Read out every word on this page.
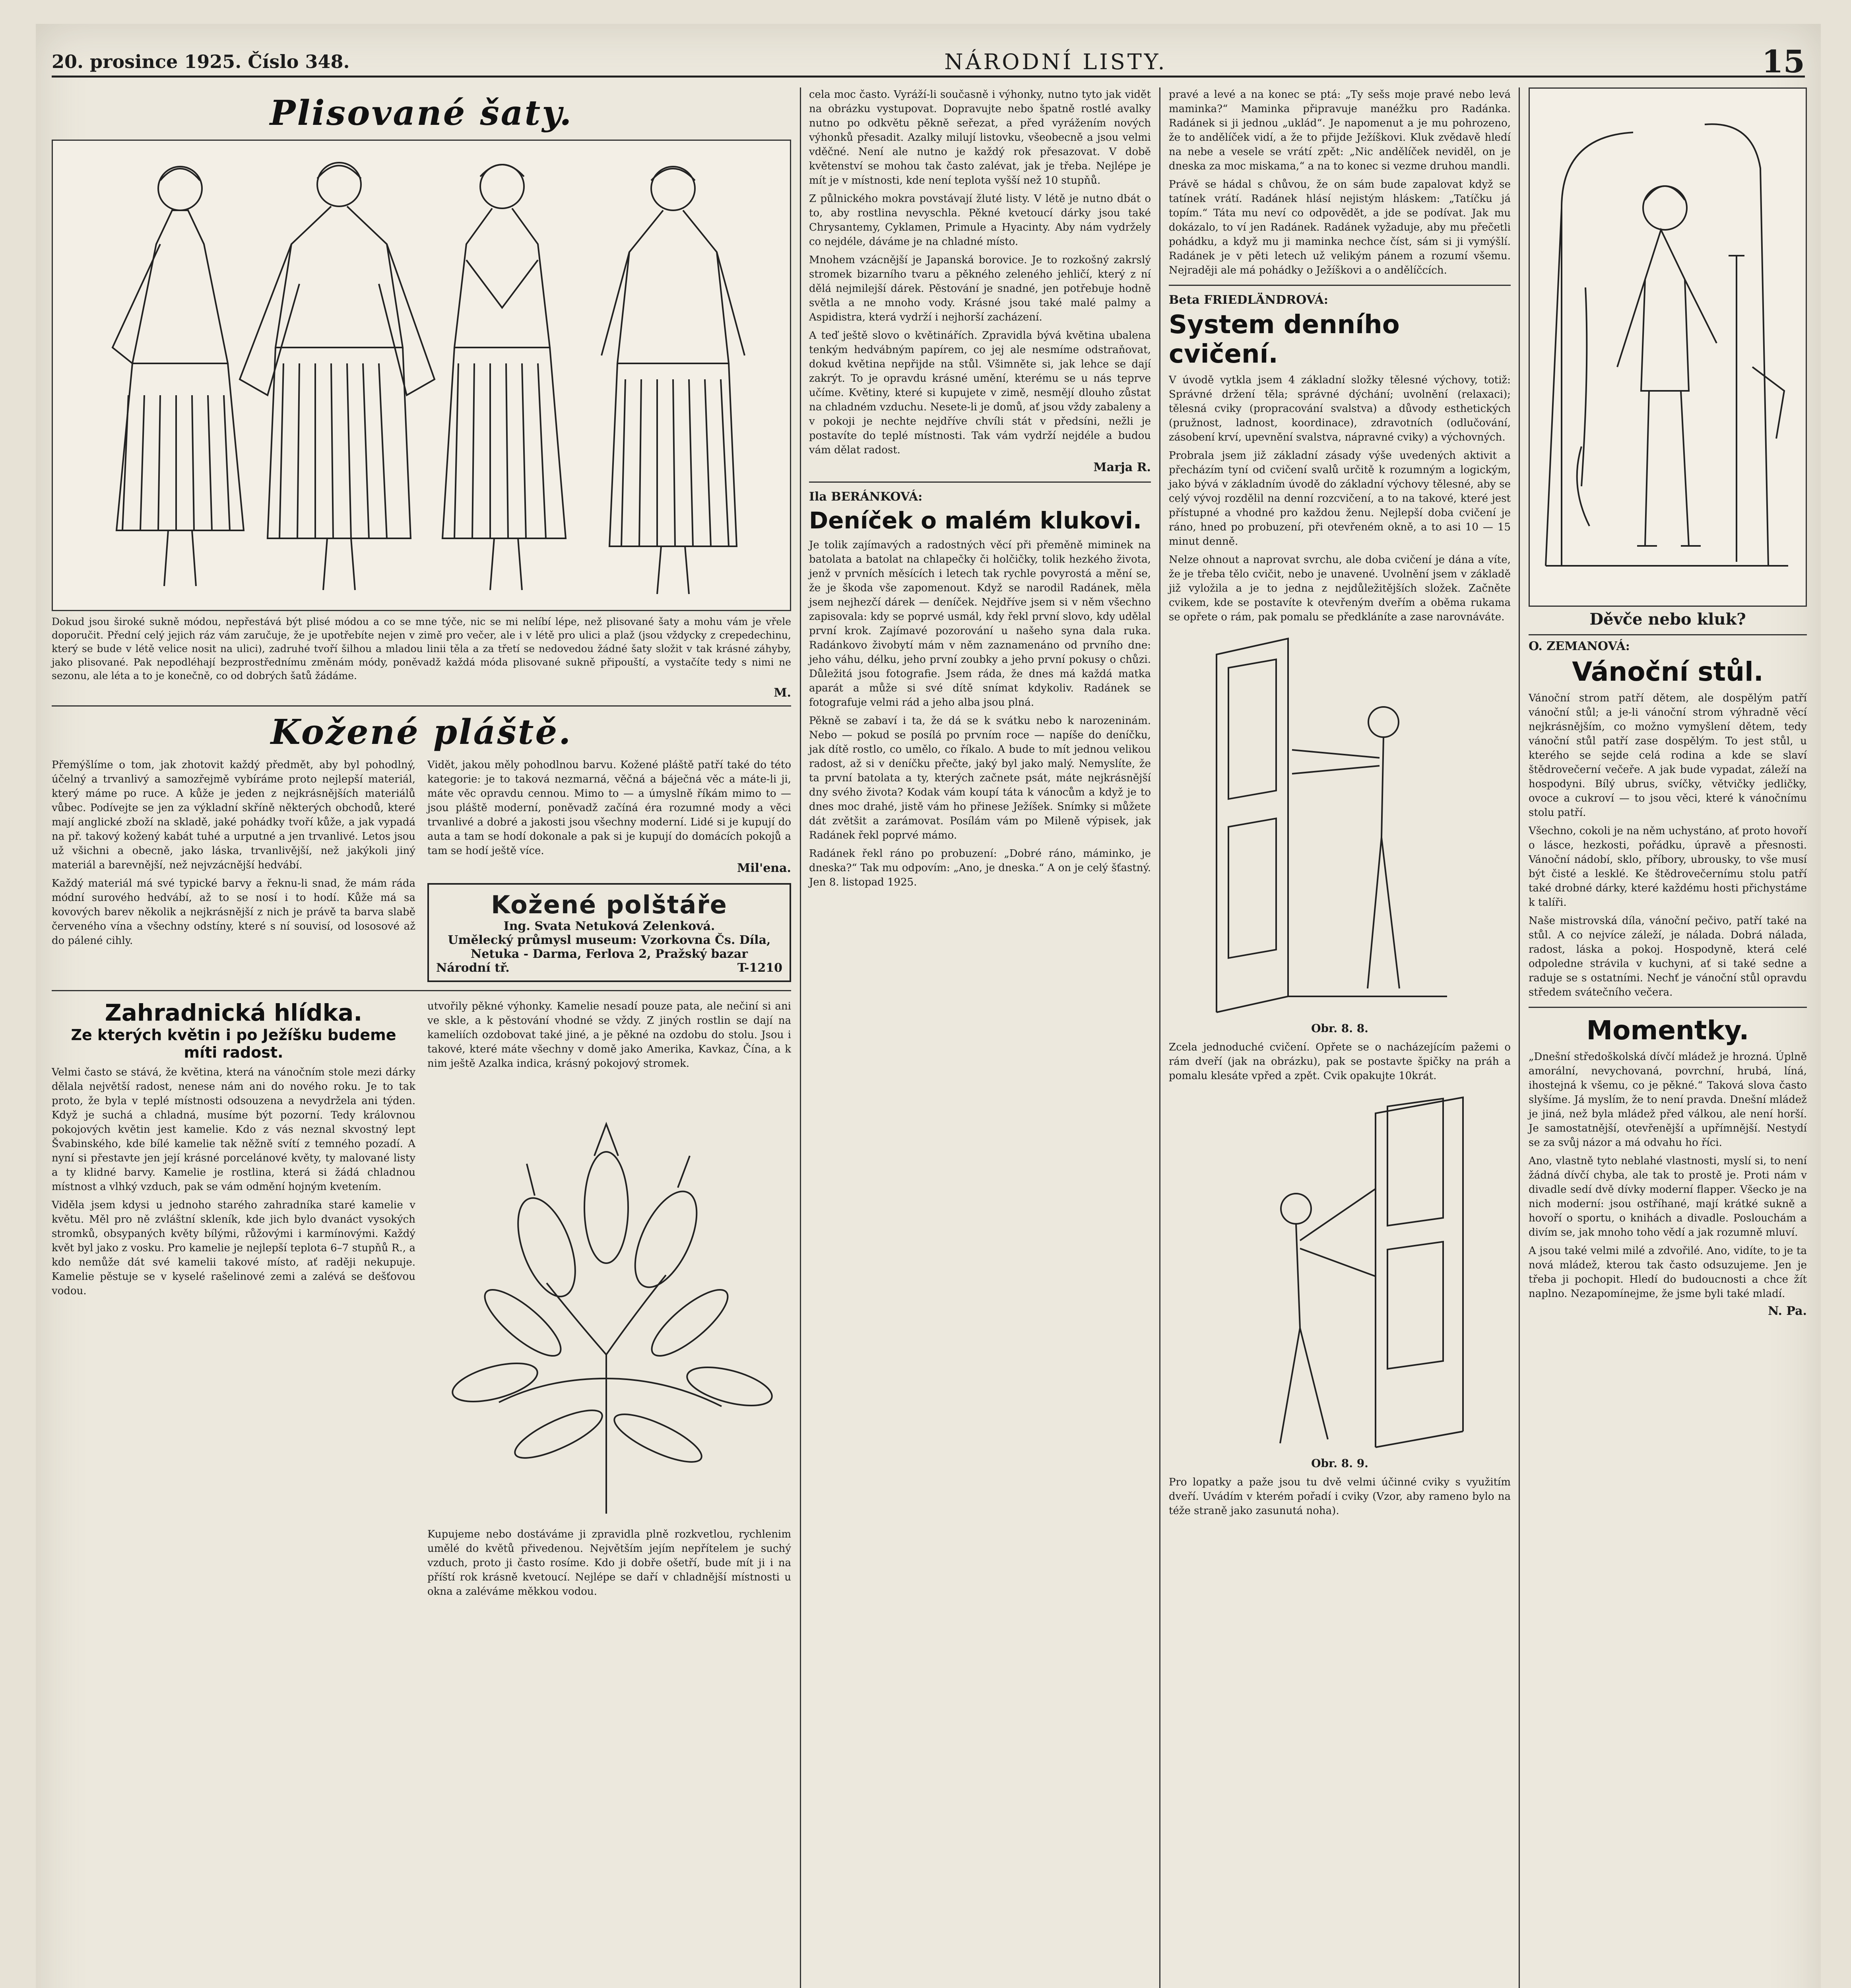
20. prosince 1925. Číslo 348.	NÁRODNÍ LISTY.	15
Plisované šaty.
Dokud jsou široké sukně módou, nepřestává být plisé módou a co se mne týče, nic se mi nelíbí lépe, než plisované šaty a mohu vám je vřele doporučit. Přední celý jejich ráz vám zaručuje, že je upotřebíte nejen v zimě pro večer, ale i v létě pro ulici a plaž (jsou vždycky z crepedechinu, který se bude v létě velice nosit na ulici), zadruhé tvoří šilhou a mladou linii těla a za třetí se nedovedou žádné šaty složit v tak krásné záhyby, jako plisované. Pak nepodléhají bezprostřednímu změnám módy, poněvadž každá móda plisované sukně připouští, a vystačíte tedy s nimi ne sezonu, ale léta a to je konečně, co od dobrých šatů žádáme.
M.
Kožené pláště.
Přemýšlíme o tom, jak zhotovit každý předmět, aby byl pohodlný, účelný a trvanlivý a samozřejmě vybíráme proto nejlepší materiál, který máme po ruce. A kůže je jeden z nejkrásnějších materiálů vůbec. Podívejte se jen za výkladní skříně některých obchodů, které mají anglické zboží na skladě, jaké pohádky tvoří kůže, a jak vypadá na př. takový kožený kabát tuhé a urputné a jen trvanlivé. Letos jsou už všichni a obecně, jako láska, trvanlivější, než jakýkoli jiný materiál a barevnější, než nejvzácnější hedvábí.
Každý materiál má své typické barvy a řeknu-li snad, že mám ráda módní surového hedvábí, až to se nosí i to hodí. Kůže má sa kovových barev několik a nejkrásnější z nich je právě ta barva slabě červeného vína a všechny odstíny, které s ní souvisí, od lososové až do pálené cihly.
Vidět, jakou měly pohodlnou barvu. Kožené pláště patří také do této kategorie: je to taková nezmarná, věčná a báječná věc a máte-li ji, máte věc opravdu cennou. Mimo to — a úmyslně říkám mimo to — jsou pláště moderní, poněvadž začíná éra rozumné mody a věci trvanlivé a dobré a jakosti jsou všechny moderní. Lidé si je kupují do auta a tam se hodí dokonale a pak si je kupují do domácích pokojů a tam se hodí ještě více.
Mil'ena.
Kožené polštáře
Ing. Svata Netuková Zelenková.
Umělecký průmysl museum: Vzorkovna Čs. Díla,
Netuka - Darma, Ferlova 2, Pražský bazar
Národní tř.	T-1210
Zahradnická hlídka.
Ze kterých květin i po Ježíšku budeme míti radost.
Velmi často se stává, že květina, která na vánočním stole mezi dárky dělala největší radost, nenese nám ani do nového roku. Je to tak proto, že byla v teplé místnosti odsouzena a nevydržela ani týden. Když je suchá a chladná, musíme být pozorní. Tedy královnou pokojových květin jest kamelie. Kdo z vás neznal skvostný lept Švabinského, kde bílé kamelie tak něžně svítí z temného pozadí. A nyní si přestavte jen její krásné porcelánové květy, ty malované listy a ty klidné barvy. Kamelie je rostlina, která si žádá chladnou místnost a vlhký vzduch, pak se vám odmění hojným kvetením.
Viděla jsem kdysi u jednoho starého zahradníka staré kamelie v květu. Měl pro ně zvláštní skleník, kde jich bylo dvanáct vysokých stromků, obsypaných květy bílými, růžovými i karmínovými. Každý květ byl jako z vosku. Pro kamelie je nejlepší teplota 6–7 stupňů R., a kdo nemůže dát své kamelii takové místo, ať raději nekupuje. Kamelie pěstuje se v kyselé rašelinové zemi a zalévá se dešťovou vodou.
utvořily pěkné výhonky. Kamelie nesadí pouze pata, ale nečiní si ani ve skle, a k pěstování vhodné se vždy. Z jiných rostlin se dají na kameliích ozdobovat také jiné, a je pěkné na ozdobu do stolu. Jsou i takové, které máte všechny v domě jako Amerika, Kavkaz, Čína, a k nim ještě Azalka indica, krásný pokojový stromek.
Kupujeme nebo dostáváme ji zpravidla plně rozkvetlou, rychlenim umělé do květů přivedenou. Největším jejím nepřítelem je suchý vzduch, proto ji často rosíme. Kdo ji dobře ošetří, bude mít ji i na příští rok krásně kvetoucí. Nejlépe se daří v chladnější místnosti u okna a zaléváme měkkou vodou.
cela moc často. Vyráží-li současně i výhonky, nutno tyto jak vidět na obrázku vystupovat. Dopravujte nebo špatně rostlé avalky nutno po odkvětu pěkně seřezat, a před vyrážením nových výhonků přesadit. Azalky milují listovku, všeobecně a jsou velmi vděčné. Není ale nutno je každý rok přesazovat. V době květenství se mohou tak často zalévat, jak je třeba. Nejlépe je mít je v místnosti, kde není teplota vyšší než 10 stupňů.
Z půlnického mokra povstávají žluté listy. V létě je nutno dbát o to, aby rostlina nevyschla. Pěkné kvetoucí dárky jsou také Chrysantemy, Cyklamen, Primule a Hyacinty. Aby nám vydržely co nejdéle, dáváme je na chladné místo.
Mnohem vzácnější je Japanská borovice. Je to rozkošný zakrslý stromek bizarního tvaru a pěkného zeleného jehličí, který z ní dělá nejmilejší dárek. Pěstování je snadné, jen potřebuje hodně světla a ne mnoho vody. Krásné jsou také malé palmy a Aspidistra, která vydrží i nejhorší zacházení.
A teď ještě slovo o květinářích. Zpravidla bývá květina ubalena tenkým hedvábným papírem, co jej ale nesmíme odstraňovat, dokud květina nepřijde na stůl. Všimněte si, jak lehce se dají zakrýt. To je opravdu krásné umění, kterému se u nás teprve učíme. Květiny, které si kupujete v zimě, nesmějí dlouho zůstat na chladném vzduchu. Nesete-li je domů, ať jsou vždy zabaleny a v pokoji je nechte nejdříve chvíli stát v předsíni, nežli je postavíte do teplé místnosti. Tak vám vydrží nejdéle a budou vám dělat radost.
Marja R.
Ila BERÁNKOVÁ:
Deníček o malém klukovi.
Je tolik zajímavých a radostných věcí při přeměně miminek na batolata a batolat na chlapečky či holčičky, tolik hezkého života, jenž v prvních měsících i letech tak rychle povyrostá a mění se, že je škoda vše zapomenout. Když se narodil Radánek, měla jsem nejhezčí dárek — deníček. Nejdříve jsem si v něm všechno zapisovala: kdy se poprvé usmál, kdy řekl první slovo, kdy udělal první krok. Zajímavé pozorování u našeho syna dala ruka. Radánkovo živobytí mám v něm zaznamenáno od prvního dne: jeho váhu, délku, jeho první zoubky a jeho první pokusy o chůzi. Důležitá jsou fotografie. Jsem ráda, že dnes má každá matka aparát a může si své dítě snímat kdykoliv. Radánek se fotografuje velmi rád a jeho alba jsou plná.
Pěkně se zabaví i ta, že dá se k svátku nebo k narozeninám. Nebo — pokud se posílá po prvním roce — napíše do deníčku, jak dítě rostlo, co umělo, co říkalo. A bude to mít jednou velikou radost, až si v deníčku přečte, jaký byl jako malý. Nemyslíte, že ta první batolata a ty, kterých začnete psát, máte nejkrásnější dny svého života? Kodak vám koupí táta k vánocům a když je to dnes moc drahé, jistě vám ho přinese Ježíšek. Snímky si můžete dát zvětšit a zarámovat. Posílám vám po Mileně výpisek, jak Radánek řekl poprvé mámo.
Radánek řekl ráno po probuzení: „Dobré ráno, máminko, je dneska?“ Tak mu odpovím: „Ano, je dneska.“ A on je celý šťastný. Jen 8. listopad 1925.
pravé a levé a na konec se ptá: „Ty sešs moje pravé nebo levá maminka?“ Maminka připravuje manéžku pro Radánka. Radánek si ji jednou „uklád“. Je napomenut a je mu pohrozeno, že to andělíček vidí, a že to přijde Ježíškovi. Kluk zvědavě hledí na nebe a vesele se vrátí zpět: „Nic andělíček neviděl, on je dneska za moc miskama,“ a na to konec si vezme druhou mandli.
Právě se hádal s chůvou, že on sám bude zapalovat když se tatínek vrátí. Radánek hlásí nejistým hláskem: „Tatíčku já topím.“ Táta mu neví co odpovědět, a jde se podívat. Jak mu dokázalo, to ví jen Radánek. Radánek vyžaduje, aby mu přečetli pohádku, a když mu ji maminka nechce číst, sám si ji vymýšlí. Radánek je v pěti letech už velikým pánem a rozumí všemu. Nejraději ale má pohádky o Ježíškovi a o andělíčcích.
Beta FRIEDLÄNDROVÁ:
System denního cvičení.
V úvodě vytkla jsem 4 základní složky tělesné výchovy, totiž: Správné držení těla; správné dýchání; uvolnění (relaxaci); tělesná cviky (propracování svalstva) a důvody esthetických (pružnost, ladnost, koordinace), zdravotních (odlučování, zásobení krví, upevnění svalstva, nápravné cviky) a výchovných.
Probrala jsem již základní zásady výše uvedených aktivit a přecházím tyní od cvičení svalů určitě k rozumným a logickým, jako bývá v základním úvodě do základní výchovy tělesné, aby se celý vývoj rozdělil na denní rozcvičení, a to na takové, které jest přístupné a vhodné pro každou ženu. Nejlepší doba cvičení je ráno, hned po probuzení, při otevřeném okně, a to asi 10 — 15 minut denně.
Nelze ohnout a naprovat svrchu, ale doba cvičení je dána a víte, že je třeba tělo cvičit, nebo je unavené. Uvolnění jsem v základě již vyložila a je to jedna z nejdůležitějších složek. Začněte cvikem, kde se postavíte k otevřeným dveřím a oběma rukama se opřete o rám, pak pomalu se předkláníte a zase narovnáváte.
Obr. 8. 8.
Zcela jednoduché cvičení. Opřete se o nacházejícím pažemi o rám dveří (jak na obrázku), pak se postavte špičky na práh a pomalu klesáte vpřed a zpět. Cvik opakujte 10krát.
Obr. 8. 9.
Pro lopatky a paže jsou tu dvě velmi účinné cviky s využitím dveří. Uvádím v kterém pořadí i cviky (Vzor, aby rameno bylo na téže straně jako zasunutá noha).
Děvče nebo kluk?
O. ZEMANOVÁ:
Vánoční stůl.
Vánoční strom patří dětem, ale dospělým patří vánoční stůl; a je-li vánoční strom výhradně věcí nejkrásnějším, co možno vymyšlení dětem, tedy vánoční stůl patří zase dospělým. To jest stůl, u kterého se sejde celá rodina a kde se slaví štědrovečerní večeře. A jak bude vypadat, záleží na hospodyni. Bílý ubrus, svíčky, větvičky jedličky, ovoce a cukroví — to jsou věci, které k vánočnímu stolu patří.
Všechno, cokoli je na něm uchystáno, ať proto hovoří o lásce, hezkosti, pořádku, úpravě a přesnosti. Vánoční nádobí, sklo, příbory, ubrousky, to vše musí být čisté a lesklé. Ke štědrovečernímu stolu patří také drobné dárky, které každému hosti přichystáme k talíři.
Naše mistrovská díla, vánoční pečivo, patří také na stůl. A co nejvíce záleží, je nálada. Dobrá nálada, radost, láska a pokoj. Hospodyně, která celé odpoledne strávila v kuchyni, ať si také sedne a raduje se s ostatními. Nechť je vánoční stůl opravdu středem svátečního večera.
Momentky.
„Dnešní středoškolská dívčí mládež je hrozná. Úplně amorální, nevychovaná, povrchní, hrubá, líná, ihostejná k všemu, co je pěkné.“ Taková slova často slyšíme. Já myslím, že to není pravda. Dnešní mládež je jiná, než byla mládež před válkou, ale není horší. Je samostatnější, otevřenější a upřímnější. Nestydí se za svůj názor a má odvahu ho říci.
Ano, vlastně tyto neblahé vlastnosti, myslí si, to není žádná dívčí chyba, ale tak to prostě je. Proti nám v divadle sedí dvě dívky moderní flapper. Všecko je na nich moderní: jsou ostříhané, mají krátké sukně a hovoří o sportu, o knihách a divadle. Poslouchám a divím se, jak mnoho toho vědí a jak rozumně mluví.
A jsou také velmi milé a zdvořilé. Ano, vidíte, to je ta nová mládež, kterou tak často odsuzujeme. Jen je třeba ji pochopit. Hledí do budoucnosti a chce žít naplno. Nezapomínejme, že jsme byli také mladí.
N. Pa.
